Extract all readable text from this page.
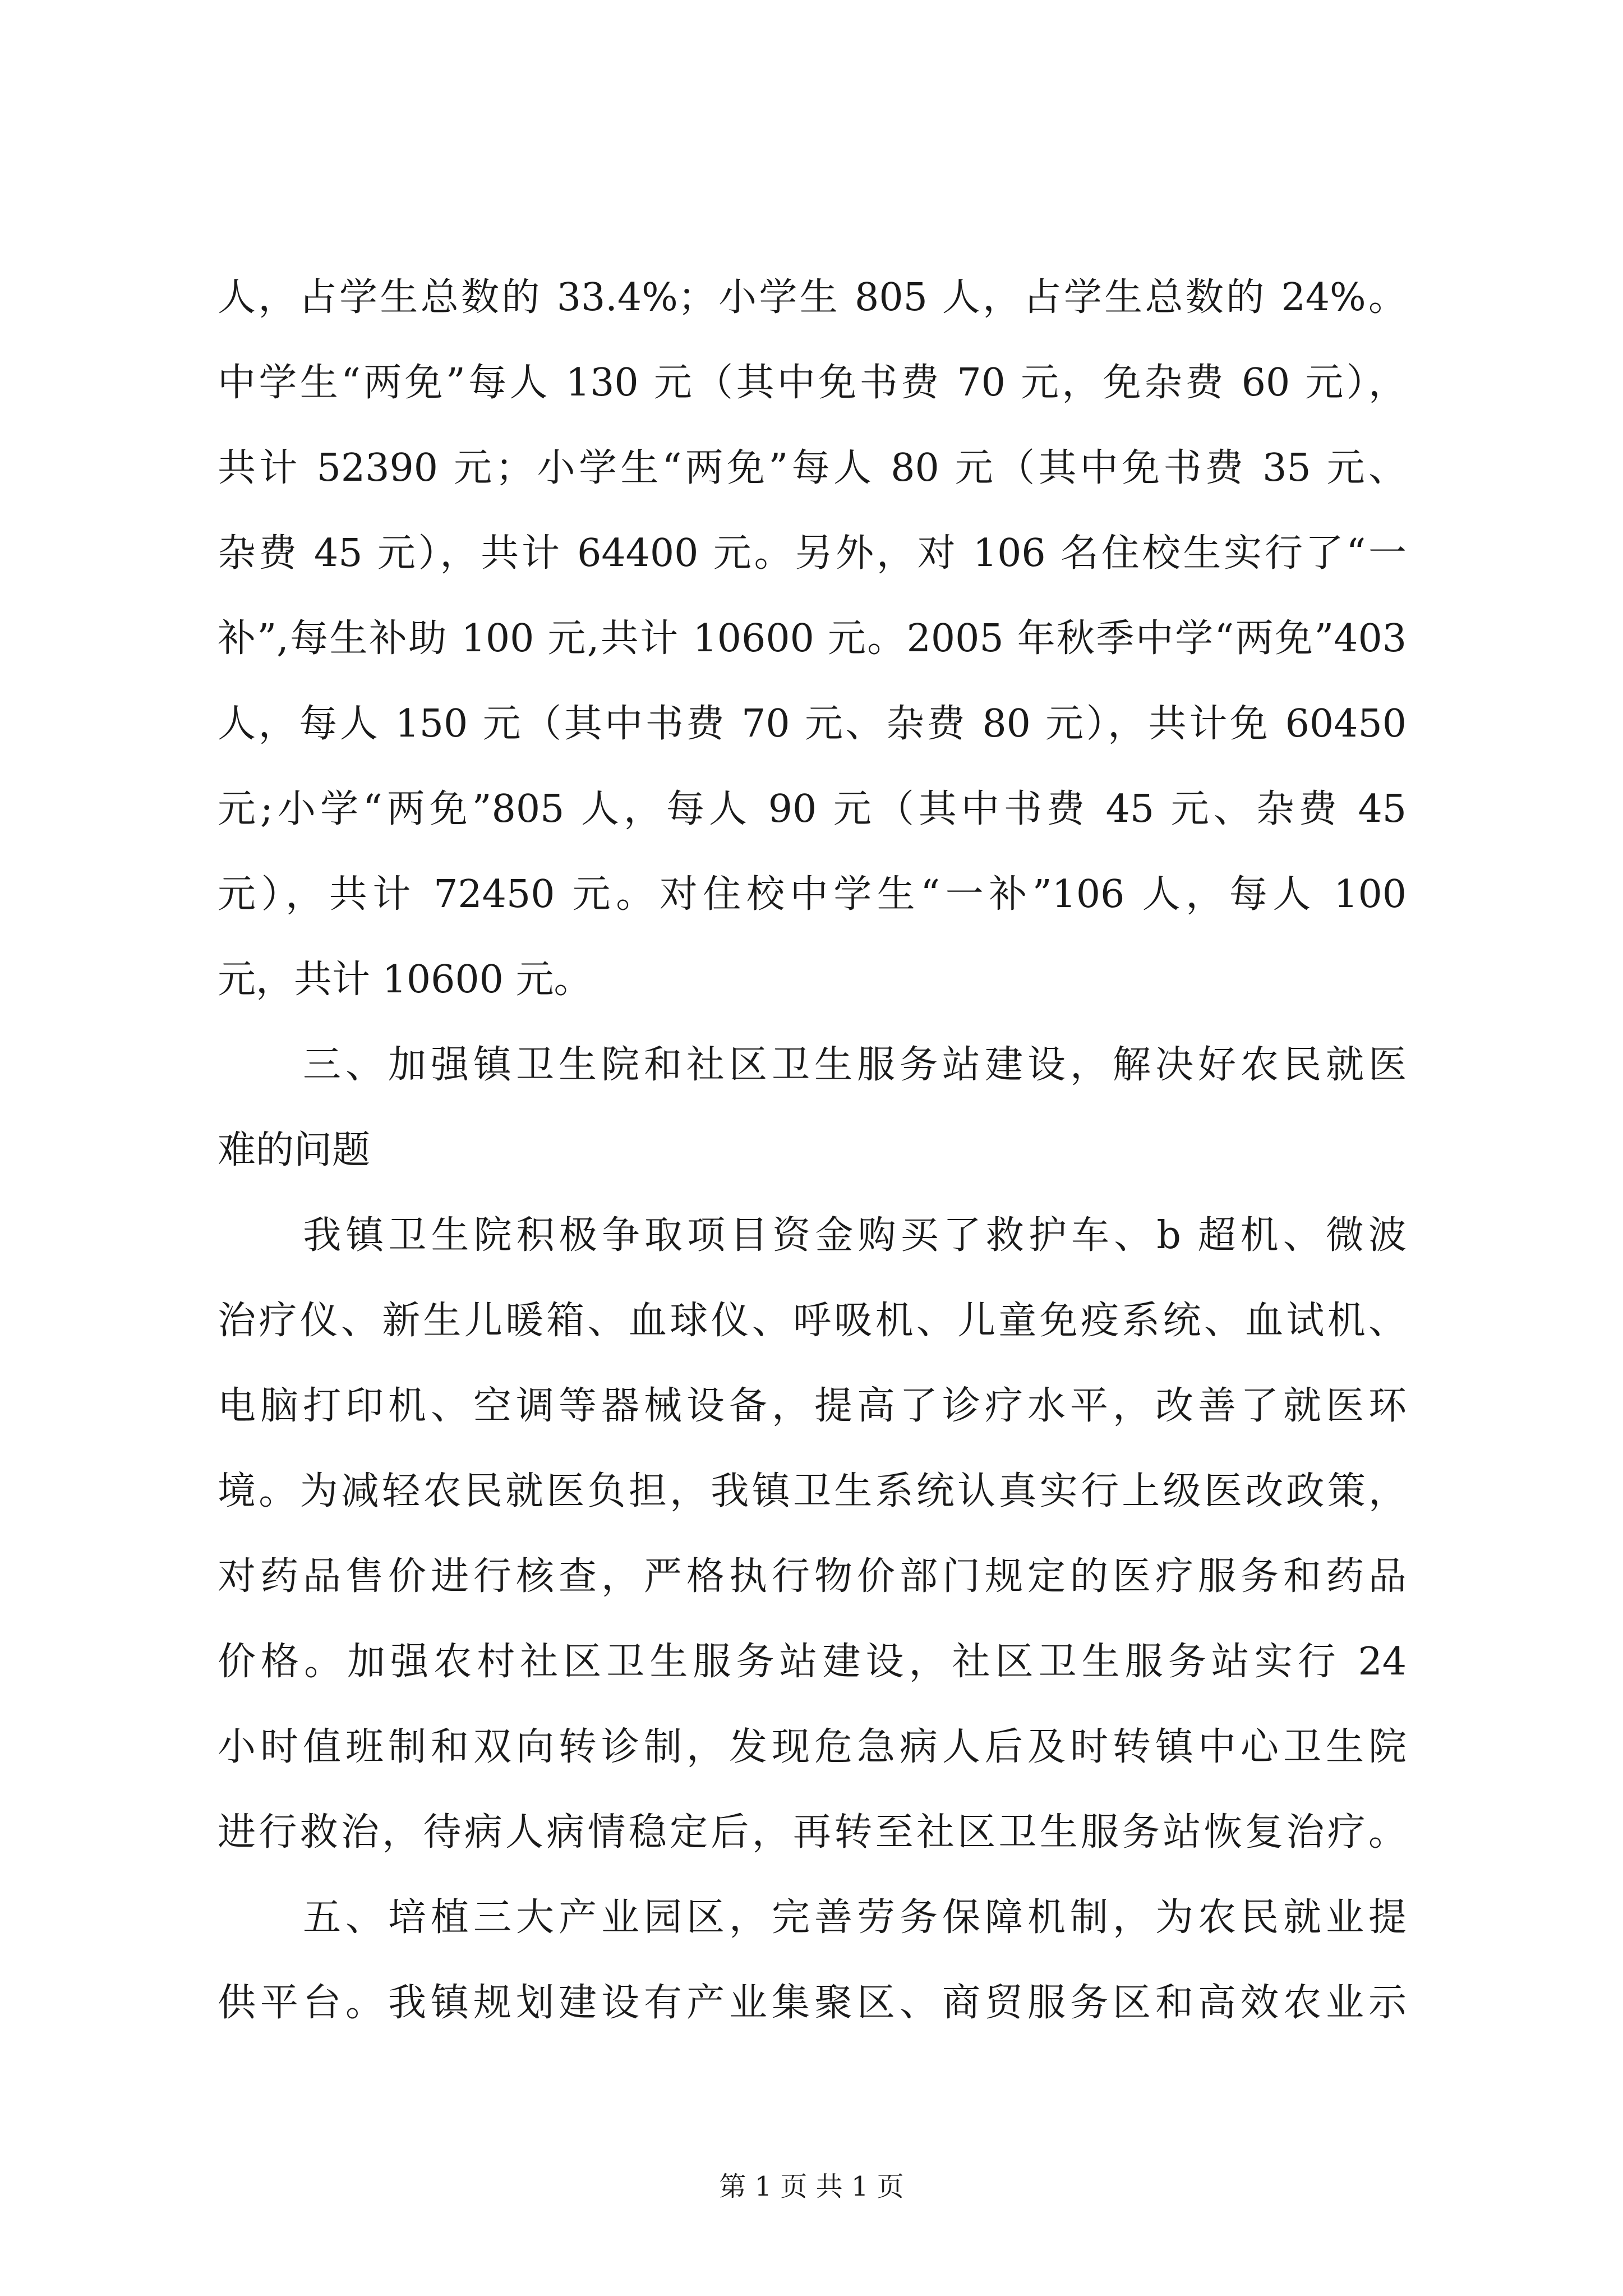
人，占学生总数的 33.4%；小学生 805 人，占学生总数的 24%。
中学生“两免”每人 130 元（其中免书费 70 元，免杂费 60 元），
共计 52390 元；小学生“两免”每人 80 元（其中免书费 35 元、
杂费 45 元），共计 64400 元。另外，对 106 名住校生实行了“一
补”,每生补助 100 元,共计 10600 元。2005 年秋季中学“两免”403
人，每人 150 元（其中书费 70 元、杂费 80 元），共计免 60450
元;小学“两免”805 人，每人 90 元（其中书费 45 元、杂费 45
元），共计 72450 元。对住校中学生“一补”106 人，每人 100
元，共计 10600 元。
　　三、加强镇卫生院和社区卫生服务站建设，解决好农民就医
难的问题
　　我镇卫生院积极争取项目资金购买了救护车、b 超机、微波
治疗仪、新生儿暖箱、血球仪、呼吸机、儿童免疫系统、血试机、
电脑打印机、空调等器械设备，提高了诊疗水平，改善了就医环
境。为减轻农民就医负担，我镇卫生系统认真实行上级医改政策，
对药品售价进行核查，严格执行物价部门规定的医疗服务和药品
价格。加强农村社区卫生服务站建设，社区卫生服务站实行 24
小时值班制和双向转诊制，发现危急病人后及时转镇中心卫生院
进行救治，待病人病情稳定后，再转至社区卫生服务站恢复治疗。
　　五、培植三大产业园区，完善劳务保障机制，为农民就业提
供平台。我镇规划建设有产业集聚区、商贸服务区和高效农业示
第 1 页 共 1 页
